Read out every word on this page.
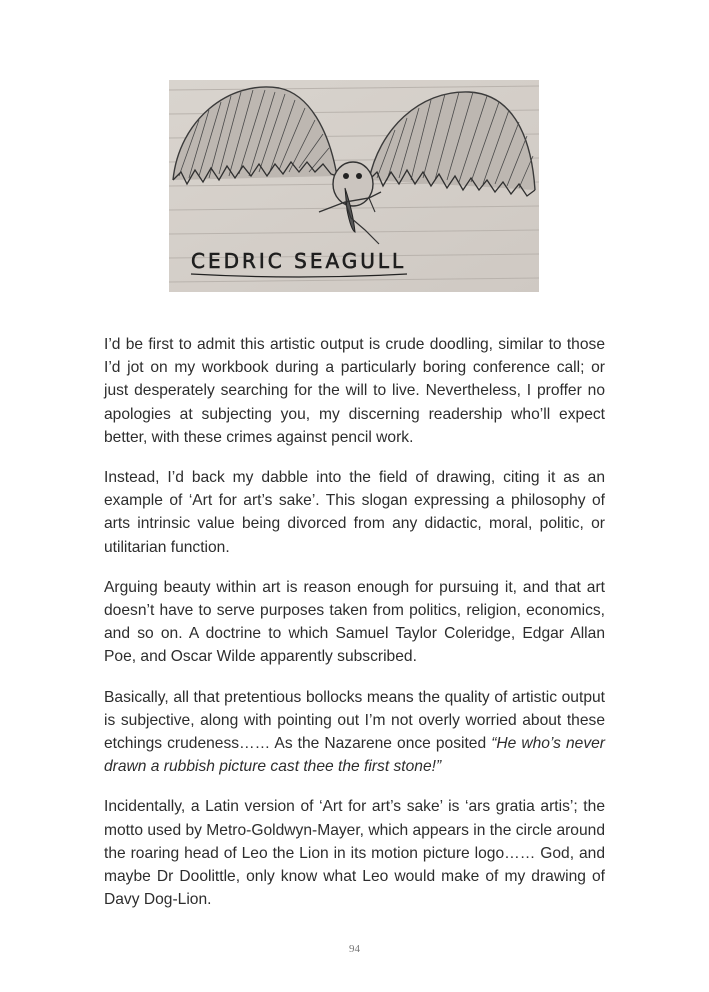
CEDRIC SEAGULL

I’d be first to admit this artistic output is crude doodling, similar to those I’d jot on my workbook during a particularly boring conference call; or just desperately searching for the will to live. Nevertheless, I proffer no apologies at subjecting you, my discerning readership who’ll expect better, with these crimes against pencil work.

Instead, I’d back my dabble into the field of drawing, citing it as an example of ‘Art for art’s sake’. This slogan expressing a philosophy of arts intrinsic value being divorced from any didactic, moral, politic, or utilitarian function.

Arguing beauty within art is reason enough for pursuing it, and that art doesn’t have to serve purposes taken from politics, religion, economics, and so on. A doctrine to which Samuel Taylor Coleridge, Edgar Allan Poe, and Oscar Wilde apparently subscribed.

Basically, all that pretentious bollocks means the quality of artistic output is subjective, along with pointing out I’m not overly worried about these etchings crudeness…… As the Nazarene once posited “He who’s never drawn a rubbish picture cast thee the first stone!”

Incidentally, a Latin version of ‘Art for art’s sake’ is ‘ars gratia artis’; the motto used by Metro-Goldwyn-Mayer, which appears in the circle around the roaring head of Leo the Lion in its motion picture logo…… God, and maybe Dr Doolittle, only know what Leo would make of my drawing of Davy Dog-Lion.

94
